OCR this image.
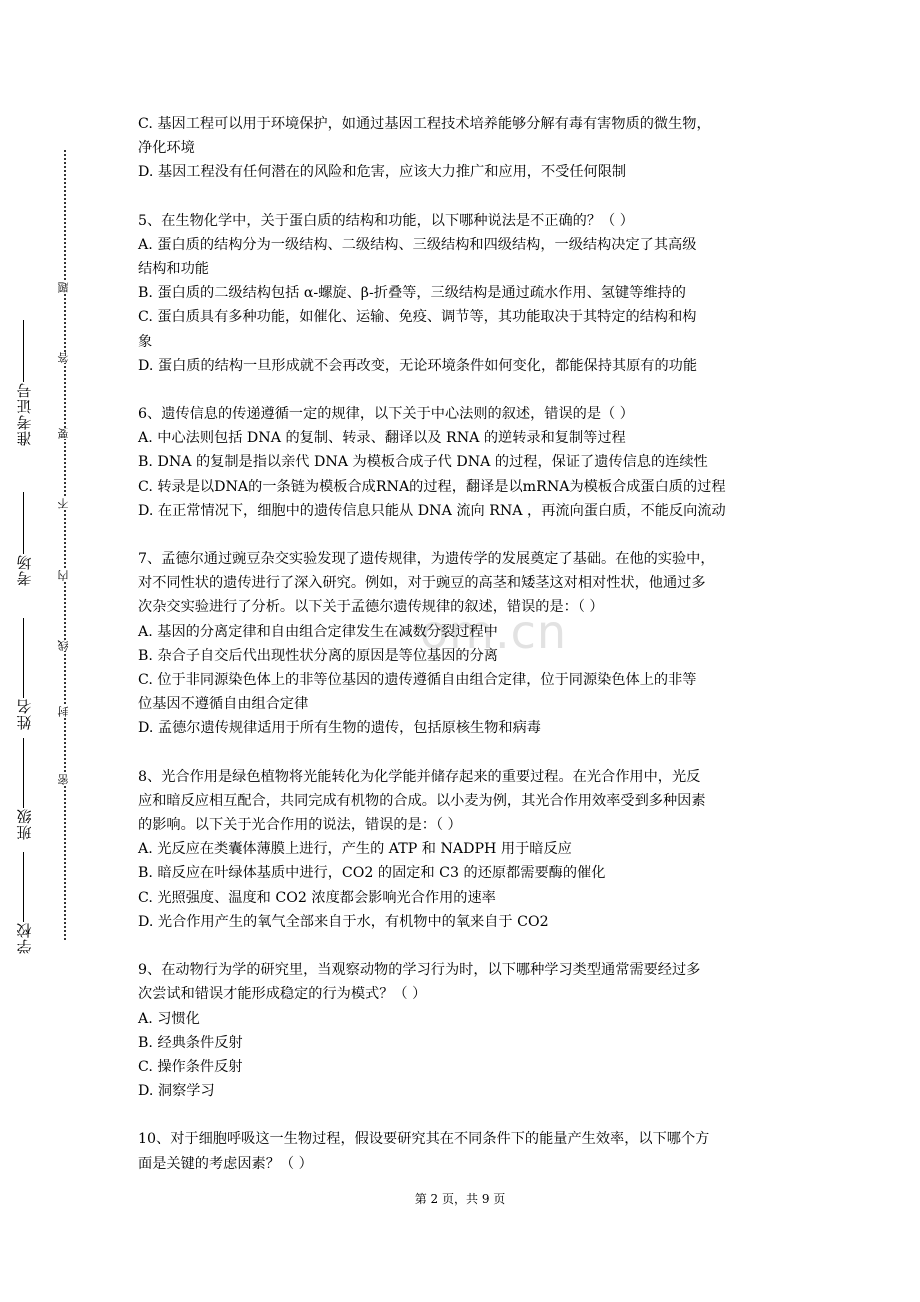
准考证号
考场
姓名
班级
学校
题
答
要
不
内
线
封
密
om.cn

C. 基因工程可以用于环境保护，如通过基因工程技术培养能够分解有毒有害物质的微生物，

净化环境

D. 基因工程没有任何潜在的风险和危害，应该大力推广和应用，不受任何限制

5、在生物化学中，关于蛋白质的结构和功能，以下哪种说法是不正确的？（ ）

A. 蛋白质的结构分为一级结构、二级结构、三级结构和四级结构，一级结构决定了其高级

结构和功能

B. 蛋白质的二级结构包括 α-螺旋、β-折叠等，三级结构是通过疏水作用、氢键等维持的

C. 蛋白质具有多种功能，如催化、运输、免疫、调节等，其功能取决于其特定的结构和构

象

D. 蛋白质的结构一旦形成就不会再改变，无论环境条件如何变化，都能保持其原有的功能

6、遗传信息的传递遵循一定的规律，以下关于中心法则的叙述，错误的是（ ）

A. 中心法则包括 DNA 的复制、转录、翻译以及 RNA 的逆转录和复制等过程

B. DNA 的复制是指以亲代 DNA 为模板合成子代 DNA 的过程，保证了遗传信息的连续性

C. 转录是以DNA的一条链为模板合成RNA的过程，翻译是以mRNA为模板合成蛋白质的过程

D. 在正常情况下，细胞中的遗传信息只能从 DNA 流向 RNA ，再流向蛋白质，不能反向流动

7、孟德尔通过豌豆杂交实验发现了遗传规律，为遗传学的发展奠定了基础。在他的实验中，

对不同性状的遗传进行了深入研究。例如，对于豌豆的高茎和矮茎这对相对性状，他通过多

次杂交实验进行了分析。以下关于孟德尔遗传规律的叙述，错误的是：（ ）

A. 基因的分离定律和自由组合定律发生在减数分裂过程中

B. 杂合子自交后代出现性状分离的原因是等位基因的分离

C. 位于非同源染色体上的非等位基因的遗传遵循自由组合定律，位于同源染色体上的非等

位基因不遵循自由组合定律

D. 孟德尔遗传规律适用于所有生物的遗传，包括原核生物和病毒

8、光合作用是绿色植物将光能转化为化学能并储存起来的重要过程。在光合作用中，光反

应和暗反应相互配合，共同完成有机物的合成。以小麦为例，其光合作用效率受到多种因素

的影响。以下关于光合作用的说法，错误的是：（ ）

A. 光反应在类囊体薄膜上进行，产生的 ATP 和 NADPH 用于暗反应

B. 暗反应在叶绿体基质中进行，CO2 的固定和 C3 的还原都需要酶的催化

C. 光照强度、温度和 CO2 浓度都会影响光合作用的速率

D. 光合作用产生的氧气全部来自于水，有机物中的氧来自于 CO2

9、在动物行为学的研究里，当观察动物的学习行为时，以下哪种学习类型通常需要经过多

次尝试和错误才能形成稳定的行为模式？（ ）

A. 习惯化

B. 经典条件反射

C. 操作条件反射

D. 洞察学习

10、对于细胞呼吸这一生物过程，假设要研究其在不同条件下的能量产生效率，以下哪个方

面是关键的考虑因素？（ ）

第 2 页，共 9 页
